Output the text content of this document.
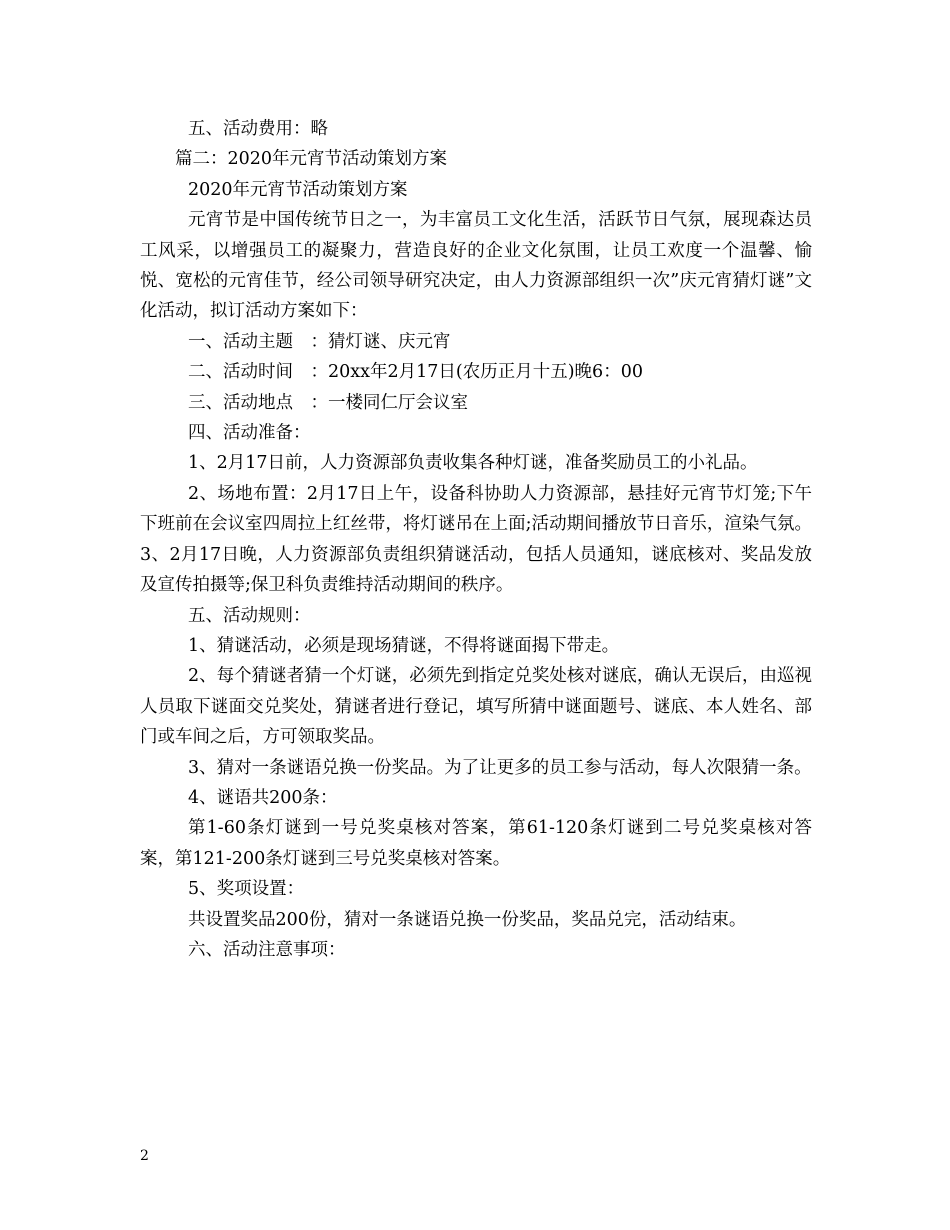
五、活动费用：略

篇二：2020年元宵节活动策划方案

2020年元宵节活动策划方案

元宵节是中国传统节日之一，为丰富员工文化生活，活跃节日气氛，展现森达员工风采，以增强员工的凝聚力，营造良好的企业文化氛围，让员工欢度一个温馨、愉悦、宽松的元宵佳节，经公司领导研究决定，由人力资源部组织一次”庆元宵猜灯谜”文化活动，拟订活动方案如下：

一、活动主题　：猜灯谜、庆元宵

二、活动时间　：20xx年2月17日(农历正月十五)晚6：00

三、活动地点　：一楼同仁厅会议室

四、活动准备：

1、2月17日前，人力资源部负责收集各种灯谜，准备奖励员工的小礼品。

2、场地布置：2月17日上午，设备科协助人力资源部，悬挂好元宵节灯笼;下午下班前在会议室四周拉上红丝带，将灯谜吊在上面;活动期间播放节日音乐，渲染气氛。3、2月17日晚，人力资源部负责组织猜谜活动，包括人员通知，谜底核对、奖品发放及宣传拍摄等;保卫科负责维持活动期间的秩序。

五、活动规则：

1、猜谜活动，必须是现场猜谜，不得将谜面揭下带走。

2、每个猜谜者猜一个灯谜，必须先到指定兑奖处核对谜底，确认无误后，由巡视人员取下谜面交兑奖处，猜谜者进行登记，填写所猜中谜面题号、谜底、本人姓名、部门或车间之后，方可领取奖品。

3、猜对一条谜语兑换一份奖品。为了让更多的员工参与活动，每人次限猜一条。

4、谜语共200条：

第1-60条灯谜到一号兑奖桌核对答案，第61-120条灯谜到二号兑奖桌核对答案，第121-200条灯谜到三号兑奖桌核对答案。

5、奖项设置：

共设置奖品200份，猜对一条谜语兑换一份奖品，奖品兑完，活动结束。

六、活动注意事项：

2
